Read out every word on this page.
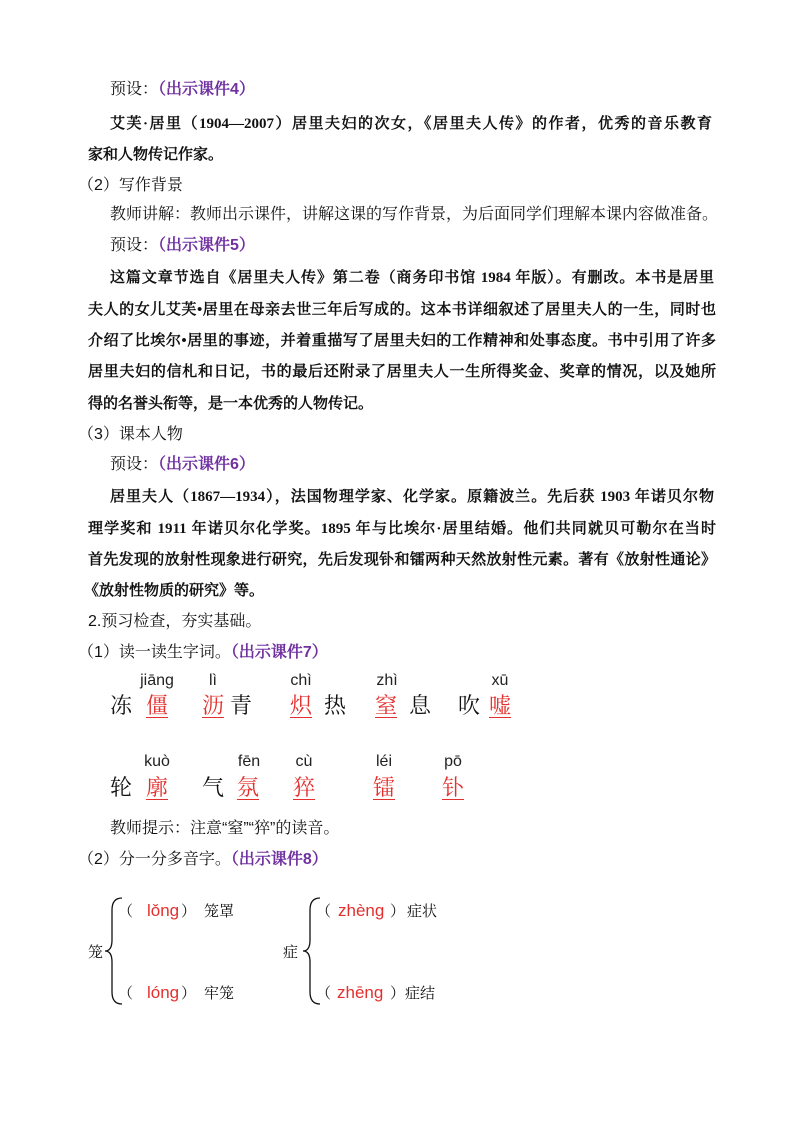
预设：（出示课件4）
艾芙·居里（1904—2007）居里夫妇的次女，《居里夫人传》的作者，优秀的音乐教育
家和人物传记作家。
（2）写作背景
教师讲解：教师出示课件，讲解这课的写作背景，为后面同学们理解本课内容做准备。
预设：（出示课件5）
这篇文章节选自《居里夫人传》第二卷（商务印书馆 1984 年版）。有删改。本书是居里
夫人的女儿艾芙•居里在母亲去世三年后写成的。这本书详细叙述了居里夫人的一生，同时也
介绍了比埃尔•居里的事迹，并着重描写了居里夫妇的工作精神和处事态度。书中引用了许多
居里夫妇的信札和日记，书的最后还附录了居里夫人一生所得奖金、奖章的情况，以及她所
得的名誉头衔等，是一本优秀的人物传记。
（3）课本人物
预设：（出示课件6）
居里夫人（1867—1934），法国物理学家、化学家。原籍波兰。先后获 1903 年诺贝尔物
理学奖和 1911 年诺贝尔化学奖。1895 年与比埃尔·居里结婚。他们共同就贝可勒尔在当时
首先发现的放射性现象进行研究，先后发现钋和镭两种天然放射性元素。著有《放射性通论》
《放射性物质的研究》等。
2.预习检查，夯实基础。
（1）读一读生字词。（出示课件7）
jiāng	lì	chì	zhì	xū
冻 僵 沥 青 炽 热 窒 息 吹 嘘
kuò	fēn	cù	léi	pō
轮 廓 气 氛 猝	镭 钋
教师提示：注意“窒”“猝”的读音。
（2）分一分多音字。（出示课件8）
笼
（ lǒng ） 笼罩
（ lóng ） 牢笼
症
（ zhèng ） 症状
（ zhēng ） 症结
